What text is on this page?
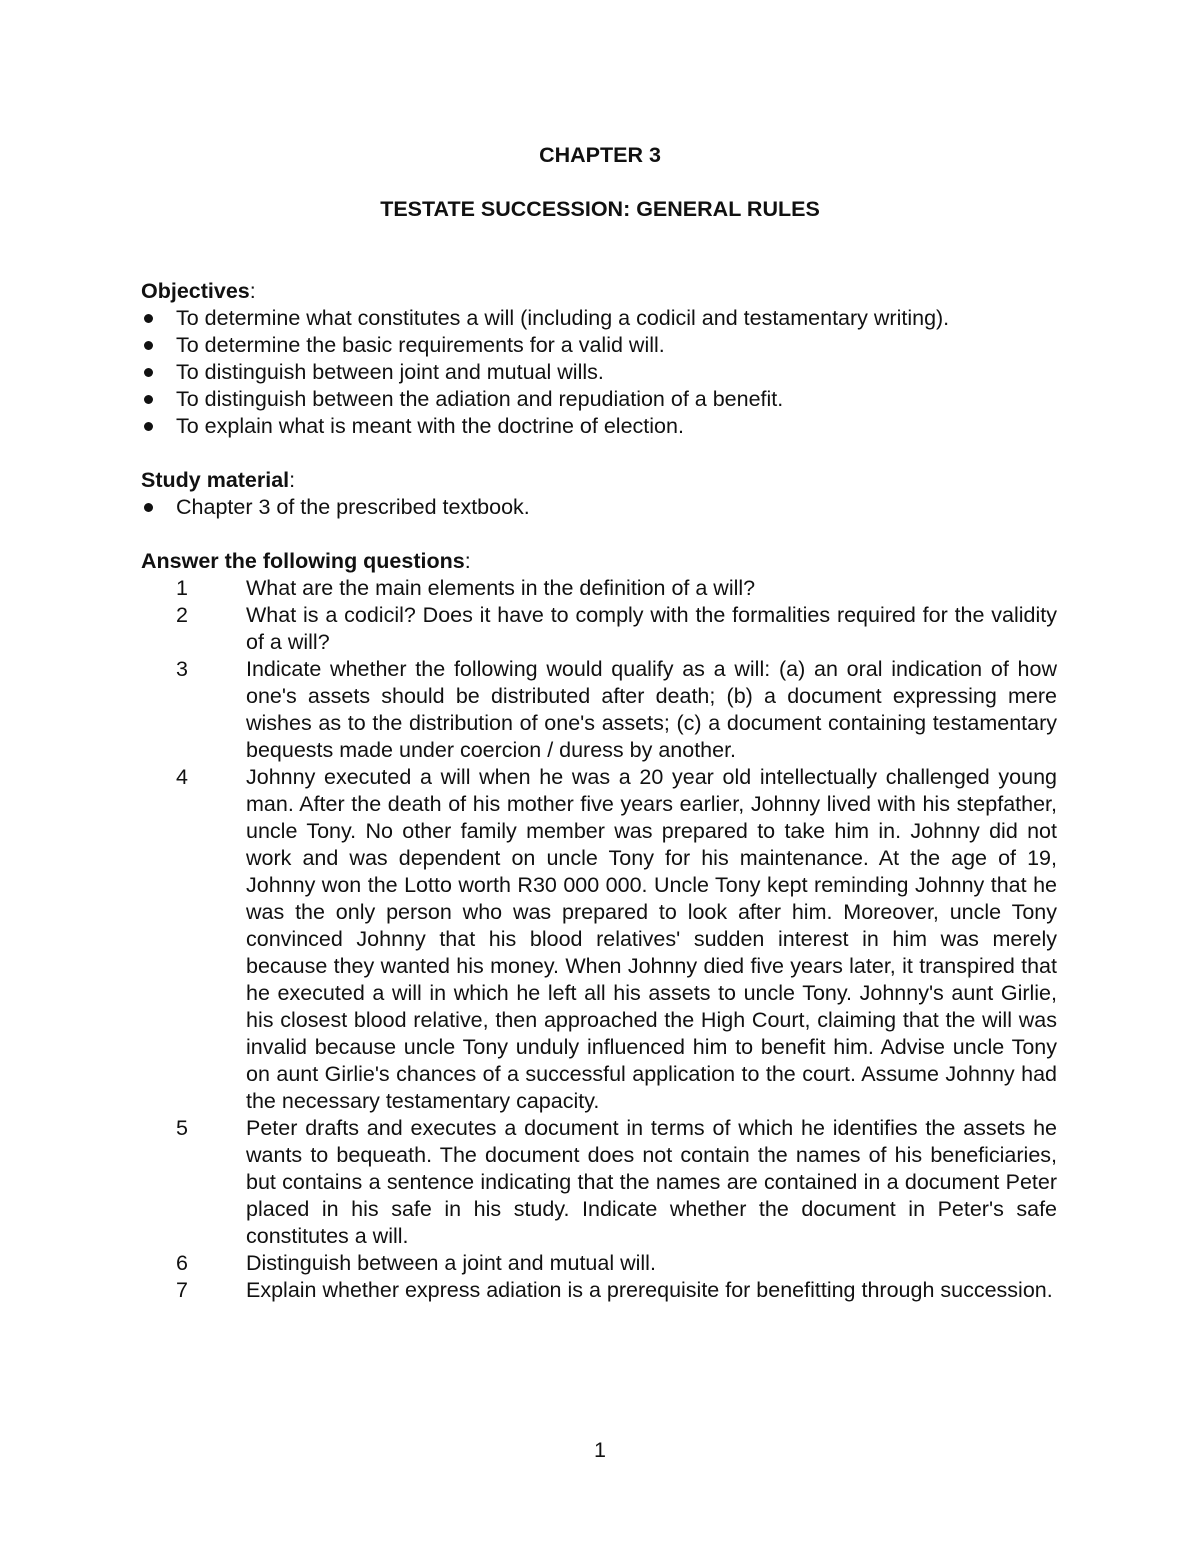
CHAPTER 3
TESTATE SUCCESSION: GENERAL RULES
Objectives:
To determine what constitutes a will (including a codicil and testamentary writing).
To determine the basic requirements for a valid will.
To distinguish between joint and mutual wills.
To distinguish between the adiation and repudiation of a benefit.
To explain what is meant with the doctrine of election.
Study material:
Chapter 3 of the prescribed textbook.
Answer the following questions:
1	What are the main elements in the definition of a will?
2	What is a codicil? Does it have to comply with the formalities required for the validity of a will?
3	Indicate whether the following would qualify as a will: (a) an oral indication of how one's assets should be distributed after death; (b) a document expressing mere wishes as to the distribution of one's assets; (c) a document containing testamentary bequests made under coercion / duress by another.
4	Johnny executed a will when he was a 20 year old intellectually challenged young man. After the death of his mother five years earlier, Johnny lived with his stepfather, uncle Tony. No other family member was prepared to take him in. Johnny did not work and was dependent on uncle Tony for his maintenance. At the age of 19, Johnny won the Lotto worth R30 000 000. Uncle Tony kept reminding Johnny that he was the only person who was prepared to look after him. Moreover, uncle Tony convinced Johnny that his blood relatives' sudden interest in him was merely because they wanted his money. When Johnny died five years later, it transpired that he executed a will in which he left all his assets to uncle Tony. Johnny's aunt Girlie, his closest blood relative, then approached the High Court, claiming that the will was invalid because uncle Tony unduly influenced him to benefit him. Advise uncle Tony on aunt Girlie's chances of a successful application to the court. Assume Johnny had the necessary testamentary capacity.
5	Peter drafts and executes a document in terms of which he identifies the assets he wants to bequeath. The document does not contain the names of his beneficiaries, but contains a sentence indicating that the names are contained in a document Peter placed in his safe in his study. Indicate whether the document in Peter's safe constitutes a will.
6	Distinguish between a joint and mutual will.
7	Explain whether express adiation is a prerequisite for benefitting through succession.
1
